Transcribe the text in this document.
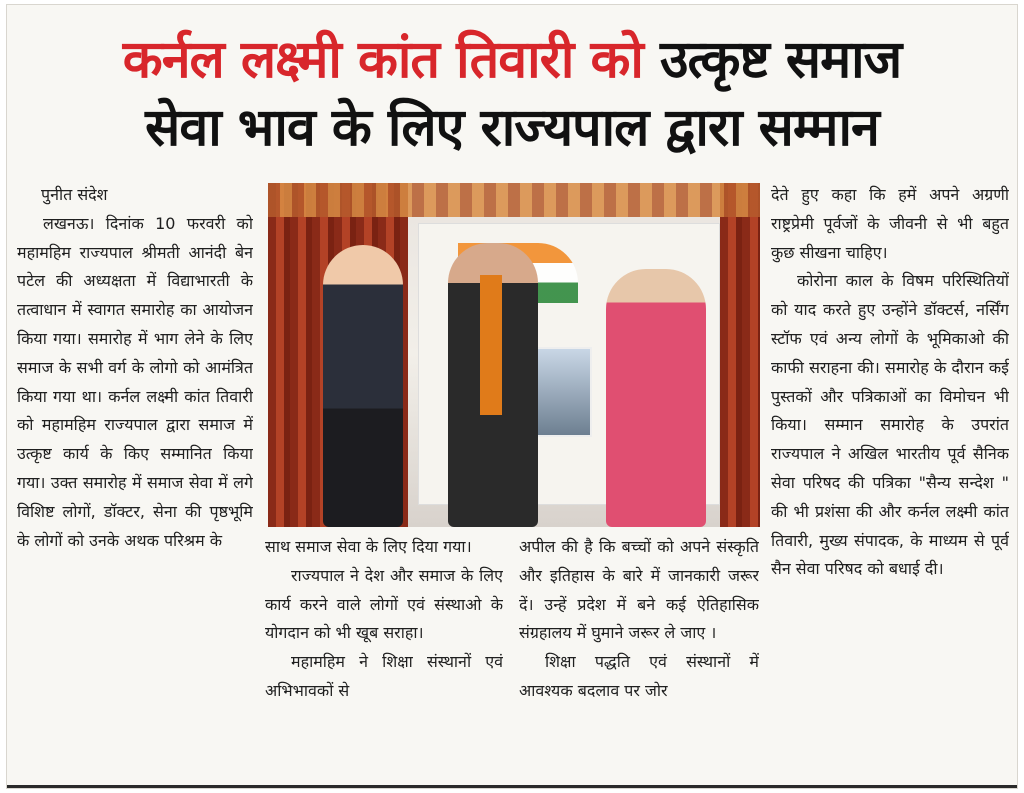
कर्नल लक्ष्मी कांत तिवारी को उत्कृष्ट समाज
सेवा भाव के लिए राज्यपाल द्वारा सम्मान

पुनीत संदेश

लखनऊ। दिनांक 10 फरवरी को महामहिम राज्यपाल श्रीमती आनंदी बेन पटेल की अध्यक्षता में विद्याभारती के तत्वाधान में स्वागत समारोह का आयोजन किया गया। समारोह में भाग लेने के लिए समाज के सभी वर्ग के लोगो को आमंत्रित किया गया था। कर्नल लक्ष्मी कांत तिवारी को महामहिम राज्यपाल द्वारा समाज में उत्कृष्ट कार्य के किए सम्मानित किया गया। उक्त समारोह में समाज सेवा में लगे विशिष्ट लोगों, डॉक्टर, सेना की पृष्ठभूमि के लोगों को उनके अथक परिश्रम के	साथ समाज सेवा के लिए दिया गया।

राज्यपाल ने देश और समाज के लिए कार्य करने वाले लोगों एवं संस्थाओ के योगदान को भी खूब सराहा।

महामहिम ने शिक्षा संस्थानों एवं अभिभावकों से

अपील की है कि बच्चों को अपने संस्कृति और इतिहास के बारे में जानकारी जरूर दें। उन्हें प्रदेश में बने कई ऐतिहासिक संग्रहालय में घुमाने जरूर ले जाए ।

शिक्षा पद्धति एवं संस्थानों में आवश्यक बदलाव पर जोर

देते हुए कहा कि हमें अपने अग्रणी राष्ट्रप्रेमी पूर्वजों के जीवनी से भी बहुत कुछ सीखना चाहिए।

कोरोना काल के विषम परिस्थितियों को याद करते हुए उन्होंने डॉक्टर्स, नर्सिंग स्टॉफ एवं अन्य लोगों के भूमिकाओ की काफी सराहना की। समारोह के दौरान कई पुस्तकों और पत्रिकाओं का विमोचन भी किया। सम्मान समारोह के उपरांत राज्यपाल ने अखिल भारतीय पूर्व सैनिक सेवा परिषद की पत्रिका "सैन्य सन्देश " की भी प्रशंसा की और कर्नल लक्ष्मी कांत तिवारी, मुख्य संपादक, के माध्यम से पूर्व सैन सेवा परिषद को बधाई दी।
